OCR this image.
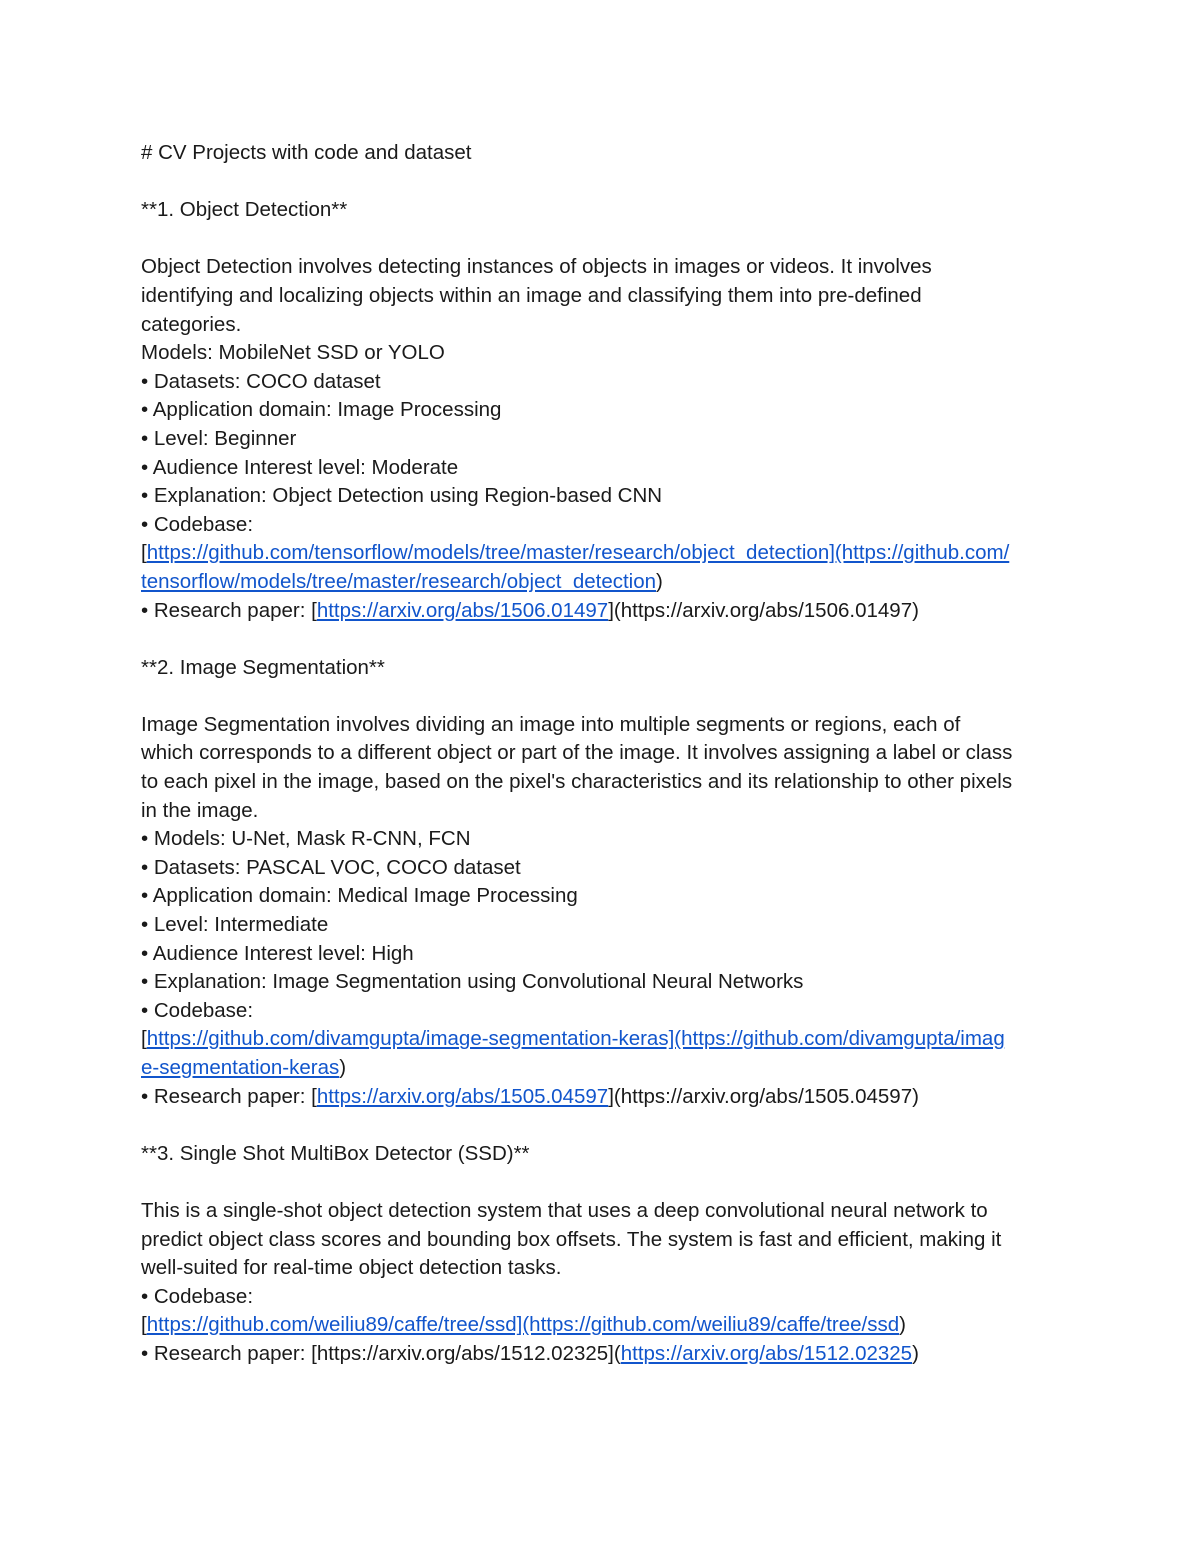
# CV Projects with code and dataset

**1. Object Detection**

Object Detection involves detecting instances of objects in images or videos. It involves

identifying and localizing objects within an image and classifying them into pre-defined

categories.

Models: MobileNet SSD or YOLO

• Datasets: COCO dataset

• Application domain: Image Processing

• Level: Beginner

• Audience Interest level: Moderate

• Explanation: Object Detection using Region-based CNN

• Codebase:

[https://github.com/tensorflow/models/tree/master/research/object_detection](https://github.com/

tensorflow/models/tree/master/research/object_detection)

• Research paper: [https://arxiv.org/abs/1506.01497](https://arxiv.org/abs/1506.01497)

**2. Image Segmentation**

Image Segmentation involves dividing an image into multiple segments or regions, each of

which corresponds to a different object or part of the image. It involves assigning a label or class

to each pixel in the image, based on the pixel's characteristics and its relationship to other pixels

in the image.

• Models: U-Net, Mask R-CNN, FCN

• Datasets: PASCAL VOC, COCO dataset

• Application domain: Medical Image Processing

• Level: Intermediate

• Audience Interest level: High

• Explanation: Image Segmentation using Convolutional Neural Networks

• Codebase:

[https://github.com/divamgupta/image-segmentation-keras](https://github.com/divamgupta/imag

e-segmentation-keras)

• Research paper: [https://arxiv.org/abs/1505.04597](https://arxiv.org/abs/1505.04597)

**3. Single Shot MultiBox Detector (SSD)**

This is a single-shot object detection system that uses a deep convolutional neural network to

predict object class scores and bounding box offsets. The system is fast and efficient, making it

well-suited for real-time object detection tasks.

• Codebase:

[https://github.com/weiliu89/caffe/tree/ssd](https://github.com/weiliu89/caffe/tree/ssd)

• Research paper: [https://arxiv.org/abs/1512.02325](https://arxiv.org/abs/1512.02325)
